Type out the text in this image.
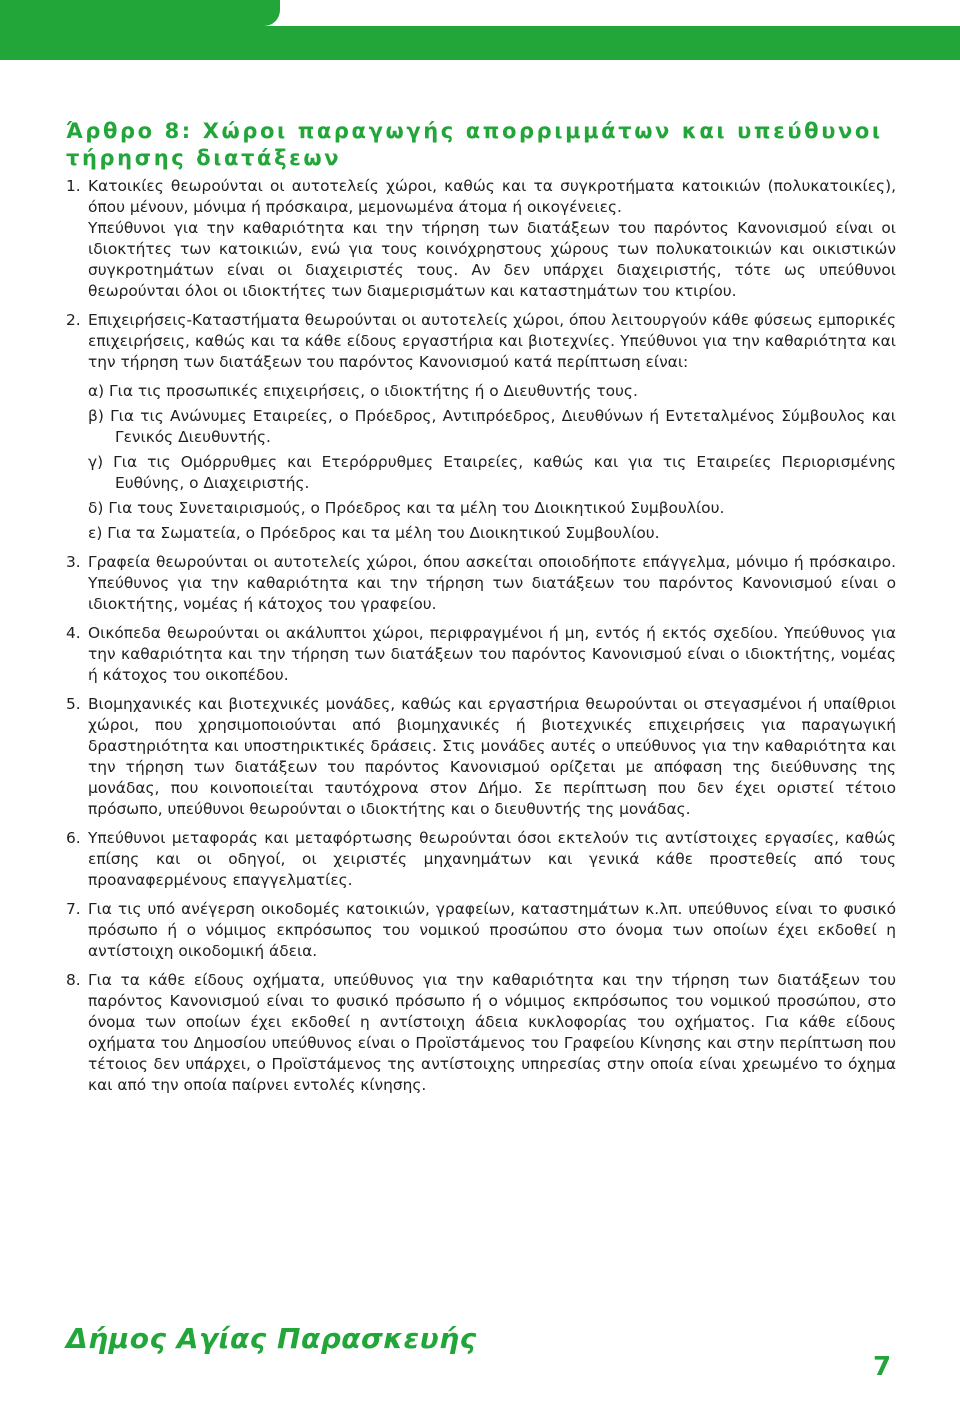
Άρθρο 8: Χώροι παραγωγής απορριμμάτων και υπεύθυνοι
τήρησης διατάξεων
1. Κατοικίες θεωρούνται οι αυτοτελείς χώροι, καθώς και τα συγκροτήματα κατοικιών (πολυκατοικίες), όπου μένουν, μόνιμα ή πρόσκαιρα, μεμονωμένα άτομα ή οικογένειες.
Υπεύθυνοι για την καθαριότητα και την τήρηση των διατάξεων του παρόντος Κανονισμού είναι οι ιδιοκτήτες των κατοικιών, ενώ για τους κοινόχρηστους χώρους των πολυκατοικιών και οικιστικών συγκροτημάτων είναι οι διαχειριστές τους. Αν δεν υπάρχει διαχειριστής, τότε ως υπεύθυνοι θεωρούνται όλοι οι ιδιοκτήτες των διαμερισμάτων και καταστημάτων του κτιρίου.
2. Επιχειρήσεις-Καταστήματα θεωρούνται οι αυτοτελείς χώροι, όπου λειτουργούν κάθε φύσεως εμπορικές επιχειρήσεις, καθώς και τα κάθε είδους εργαστήρια και βιοτεχνίες. Υπεύθυνοι για την καθαριότητα και την τήρηση των διατάξεων του παρόντος Κανονισμού κατά περίπτωση είναι:
α) Για τις προσωπικές επιχειρήσεις, ο ιδιοκτήτης ή ο Διευθυντής τους.
β) Για τις Ανώνυμες Εταιρείες, ο Πρόεδρος, Αντιπρόεδρος, Διευθύνων ή Εντεταλμένος Σύμβουλος και Γενικός Διευθυντής.
γ) Για τις Ομόρρυθμες και Ετερόρρυθμες Εταιρείες, καθώς και για τις Εταιρείες Περιορισμένης Ευθύνης, ο Διαχειριστής.
δ) Για τους Συνεταιρισμούς, ο Πρόεδρος και τα μέλη του Διοικητικού Συμβουλίου.
ε) Για τα Σωματεία, ο Πρόεδρος και τα μέλη του Διοικητικού Συμβουλίου.
3. Γραφεία θεωρούνται οι αυτοτελείς χώροι, όπου ασκείται οποιοδήποτε επάγγελμα, μόνιμο ή πρόσκαιρο. Υπεύθυνος για την καθαριότητα και την τήρηση των διατάξεων του παρόντος Κανονισμού είναι ο ιδιοκτήτης, νομέας ή κάτοχος του γραφείου.
4. Οικόπεδα θεωρούνται οι ακάλυπτοι χώροι, περιφραγμένοι ή μη, εντός ή εκτός σχεδίου. Υπεύθυνος για την καθαριότητα και την τήρηση των διατάξεων του παρόντος Κανονισμού είναι ο ιδιοκτήτης, νομέας ή κάτοχος του οικοπέδου.
5. Βιομηχανικές και βιοτεχνικές μονάδες, καθώς και εργαστήρια θεωρούνται οι στεγασμένοι ή υπαίθριοι χώροι, που χρησιμοποιούνται από βιομηχανικές ή βιοτεχνικές επιχειρήσεις για παραγωγική δραστηριότητα και υποστηρικτικές δράσεις. Στις μονάδες αυτές ο υπεύθυνος για την καθαριότητα και την τήρηση των διατάξεων του παρόντος Κανονισμού ορίζεται με απόφαση της διεύθυνσης της μονάδας, που κοινοποιείται ταυτόχρονα στον Δήμο. Σε περίπτωση που δεν έχει οριστεί τέτοιο πρόσωπο, υπεύθυνοι θεωρούνται ο ιδιοκτήτης και ο διευθυντής της μονάδας.
6. Υπεύθυνοι μεταφοράς και μεταφόρτωσης θεωρούνται όσοι εκτελούν τις αντίστοιχες εργασίες, καθώς επίσης και οι οδηγοί, οι χειριστές μηχανημάτων και γενικά κάθε προστεθείς από τους προαναφερμένους επαγγελματίες.
7. Για τις υπό ανέγερση οικοδομές κατοικιών, γραφείων, καταστημάτων κ.λπ. υπεύθυνος είναι το φυσικό πρόσωπο ή ο νόμιμος εκπρόσωπος του νομικού προσώπου στο όνομα των οποίων έχει εκδοθεί η αντίστοιχη οικοδομική άδεια.
8. Για τα κάθε είδους οχήματα, υπεύθυνος για την καθαριότητα και την τήρηση των διατάξεων του παρόντος Κανονισμού είναι το φυσικό πρόσωπο ή ο νόμιμος εκπρόσωπος του νομικού προσώπου, στο όνομα των οποίων έχει εκδοθεί η αντίστοιχη άδεια κυκλοφορίας του οχήματος. Για κάθε είδους οχήματα του Δημοσίου υπεύθυνος είναι ο Προϊστάμενος του Γραφείου Κίνησης και στην περίπτωση που τέτοιος δεν υπάρχει, ο Προϊστάμενος της αντίστοιχης υπηρεσίας στην οποία είναι χρεωμένο το όχημα και από την οποία παίρνει εντολές κίνησης.
Δήμος Αγίας Παρασκευής
7
